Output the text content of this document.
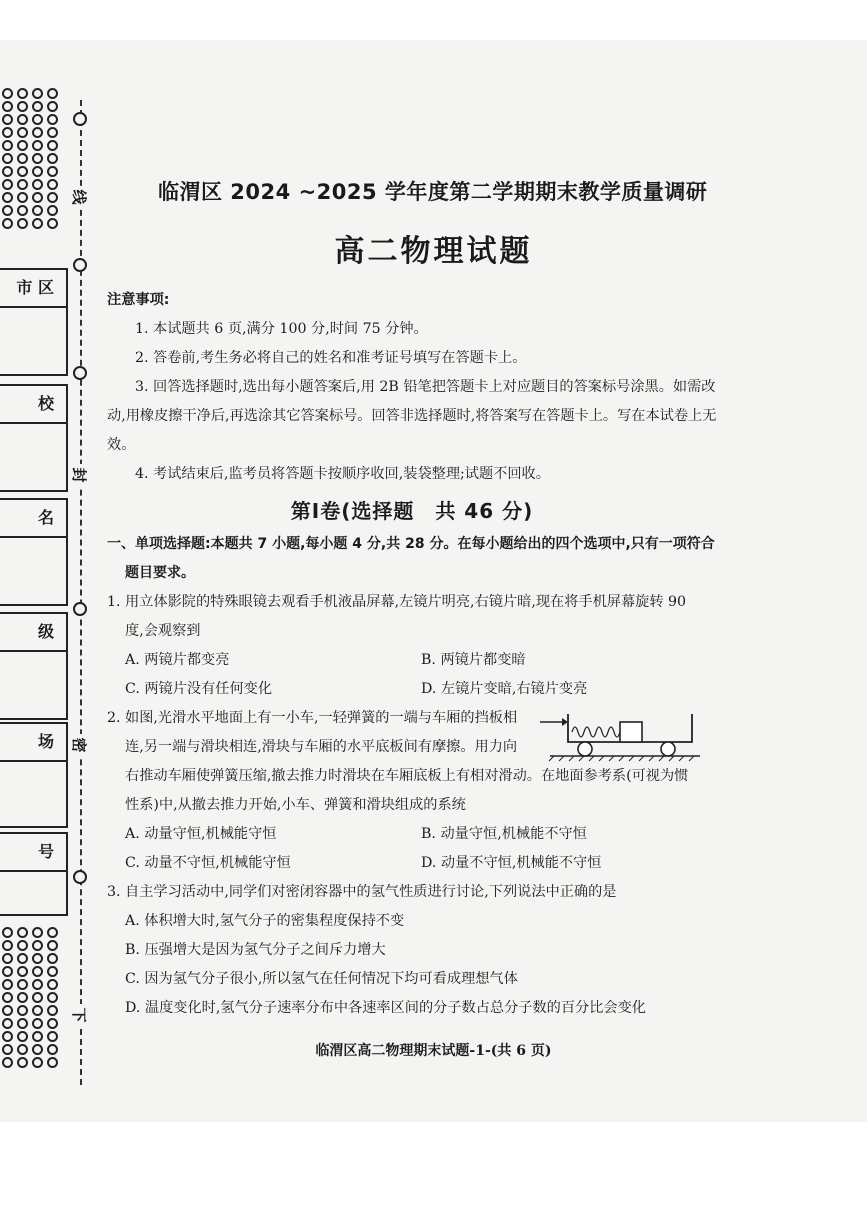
线
封
密
下
市 区
校
名
级
场
号
临渭区 2024 ~2025 学年度第二学期期末教学质量调研
高二物理试题
注意事项:
1. 本试题共 6 页,满分 100 分,时间 75 分钟。
2. 答卷前,考生务必将自己的姓名和准考证号填写在答题卡上。
3. 回答选择题时,选出每小题答案后,用 2B 铅笔把答题卡上对应题目的答案标号涂黑。如需改动,用橡皮擦干净后,再选涂其它答案标号。回答非选择题时,将答案写在答题卡上。写在本试卷上无效。
4. 考试结束后,监考员将答题卡按顺序收回,装袋整理;试题不回收。
第Ⅰ卷(选择题　共 46 分)
一、单项选择题:本题共 7 小题,每小题 4 分,共 28 分。在每小题给出的四个选项中,只有一项符合
题目要求。
1. 用立体影院的特殊眼镜去观看手机液晶屏幕,左镜片明亮,右镜片暗,现在将手机屏幕旋转 90
度,会观察到
A. 两镜片都变亮	B. 两镜片都变暗
C. 两镜片没有任何变化	D. 左镜片变暗,右镜片变亮
2. 如图,光滑水平地面上有一小车,一轻弹簧的一端与车厢的挡板相
连,另一端与滑块相连,滑块与车厢的水平底板间有摩擦。用力向
右推动车厢使弹簧压缩,撤去推力时滑块在车厢底板上有相对滑动。在地面参考系(可视为惯
性系)中,从撤去推力开始,小车、弹簧和滑块组成的系统
A. 动量守恒,机械能守恒	B. 动量守恒,机械能不守恒
C. 动量不守恒,机械能守恒	D. 动量不守恒,机械能不守恒
3. 自主学习活动中,同学们对密闭容器中的氢气性质进行讨论,下列说法中正确的是
A. 体积增大时,氢气分子的密集程度保持不变
B. 压强增大是因为氢气分子之间斥力增大
C. 因为氢气分子很小,所以氢气在任何情况下均可看成理想气体
D. 温度变化时,氢气分子速率分布中各速率区间的分子数占总分子数的百分比会变化
临渭区高二物理期末试题-1-(共 6 页)
